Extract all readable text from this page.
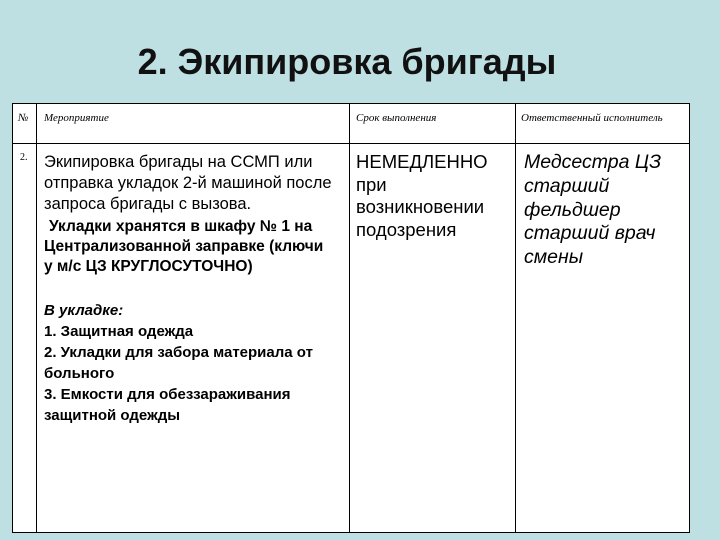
2. Экипировка бригады
№ Мероприятие	Срок выполнения	Ответственный исполнитель
2. Экипировка бригады на ССМП или
отправка укладок 2-й машиной после
запроса бригады с вызова.
Укладки хранятся в шкафу № 1 на
Централизованной заправке (ключи
у м/с ЦЗ КРУГЛОСУТОЧНО)
В укладке:
1. Защитная одежда
2. Укладки для забора материала от
больного
3. Емкости для обеззараживания
защитной одежды
НЕМЕДЛЕННО
при
возникновении
подозрения
Медсестра ЦЗ
старший
фельдшер
старший врач
смены
